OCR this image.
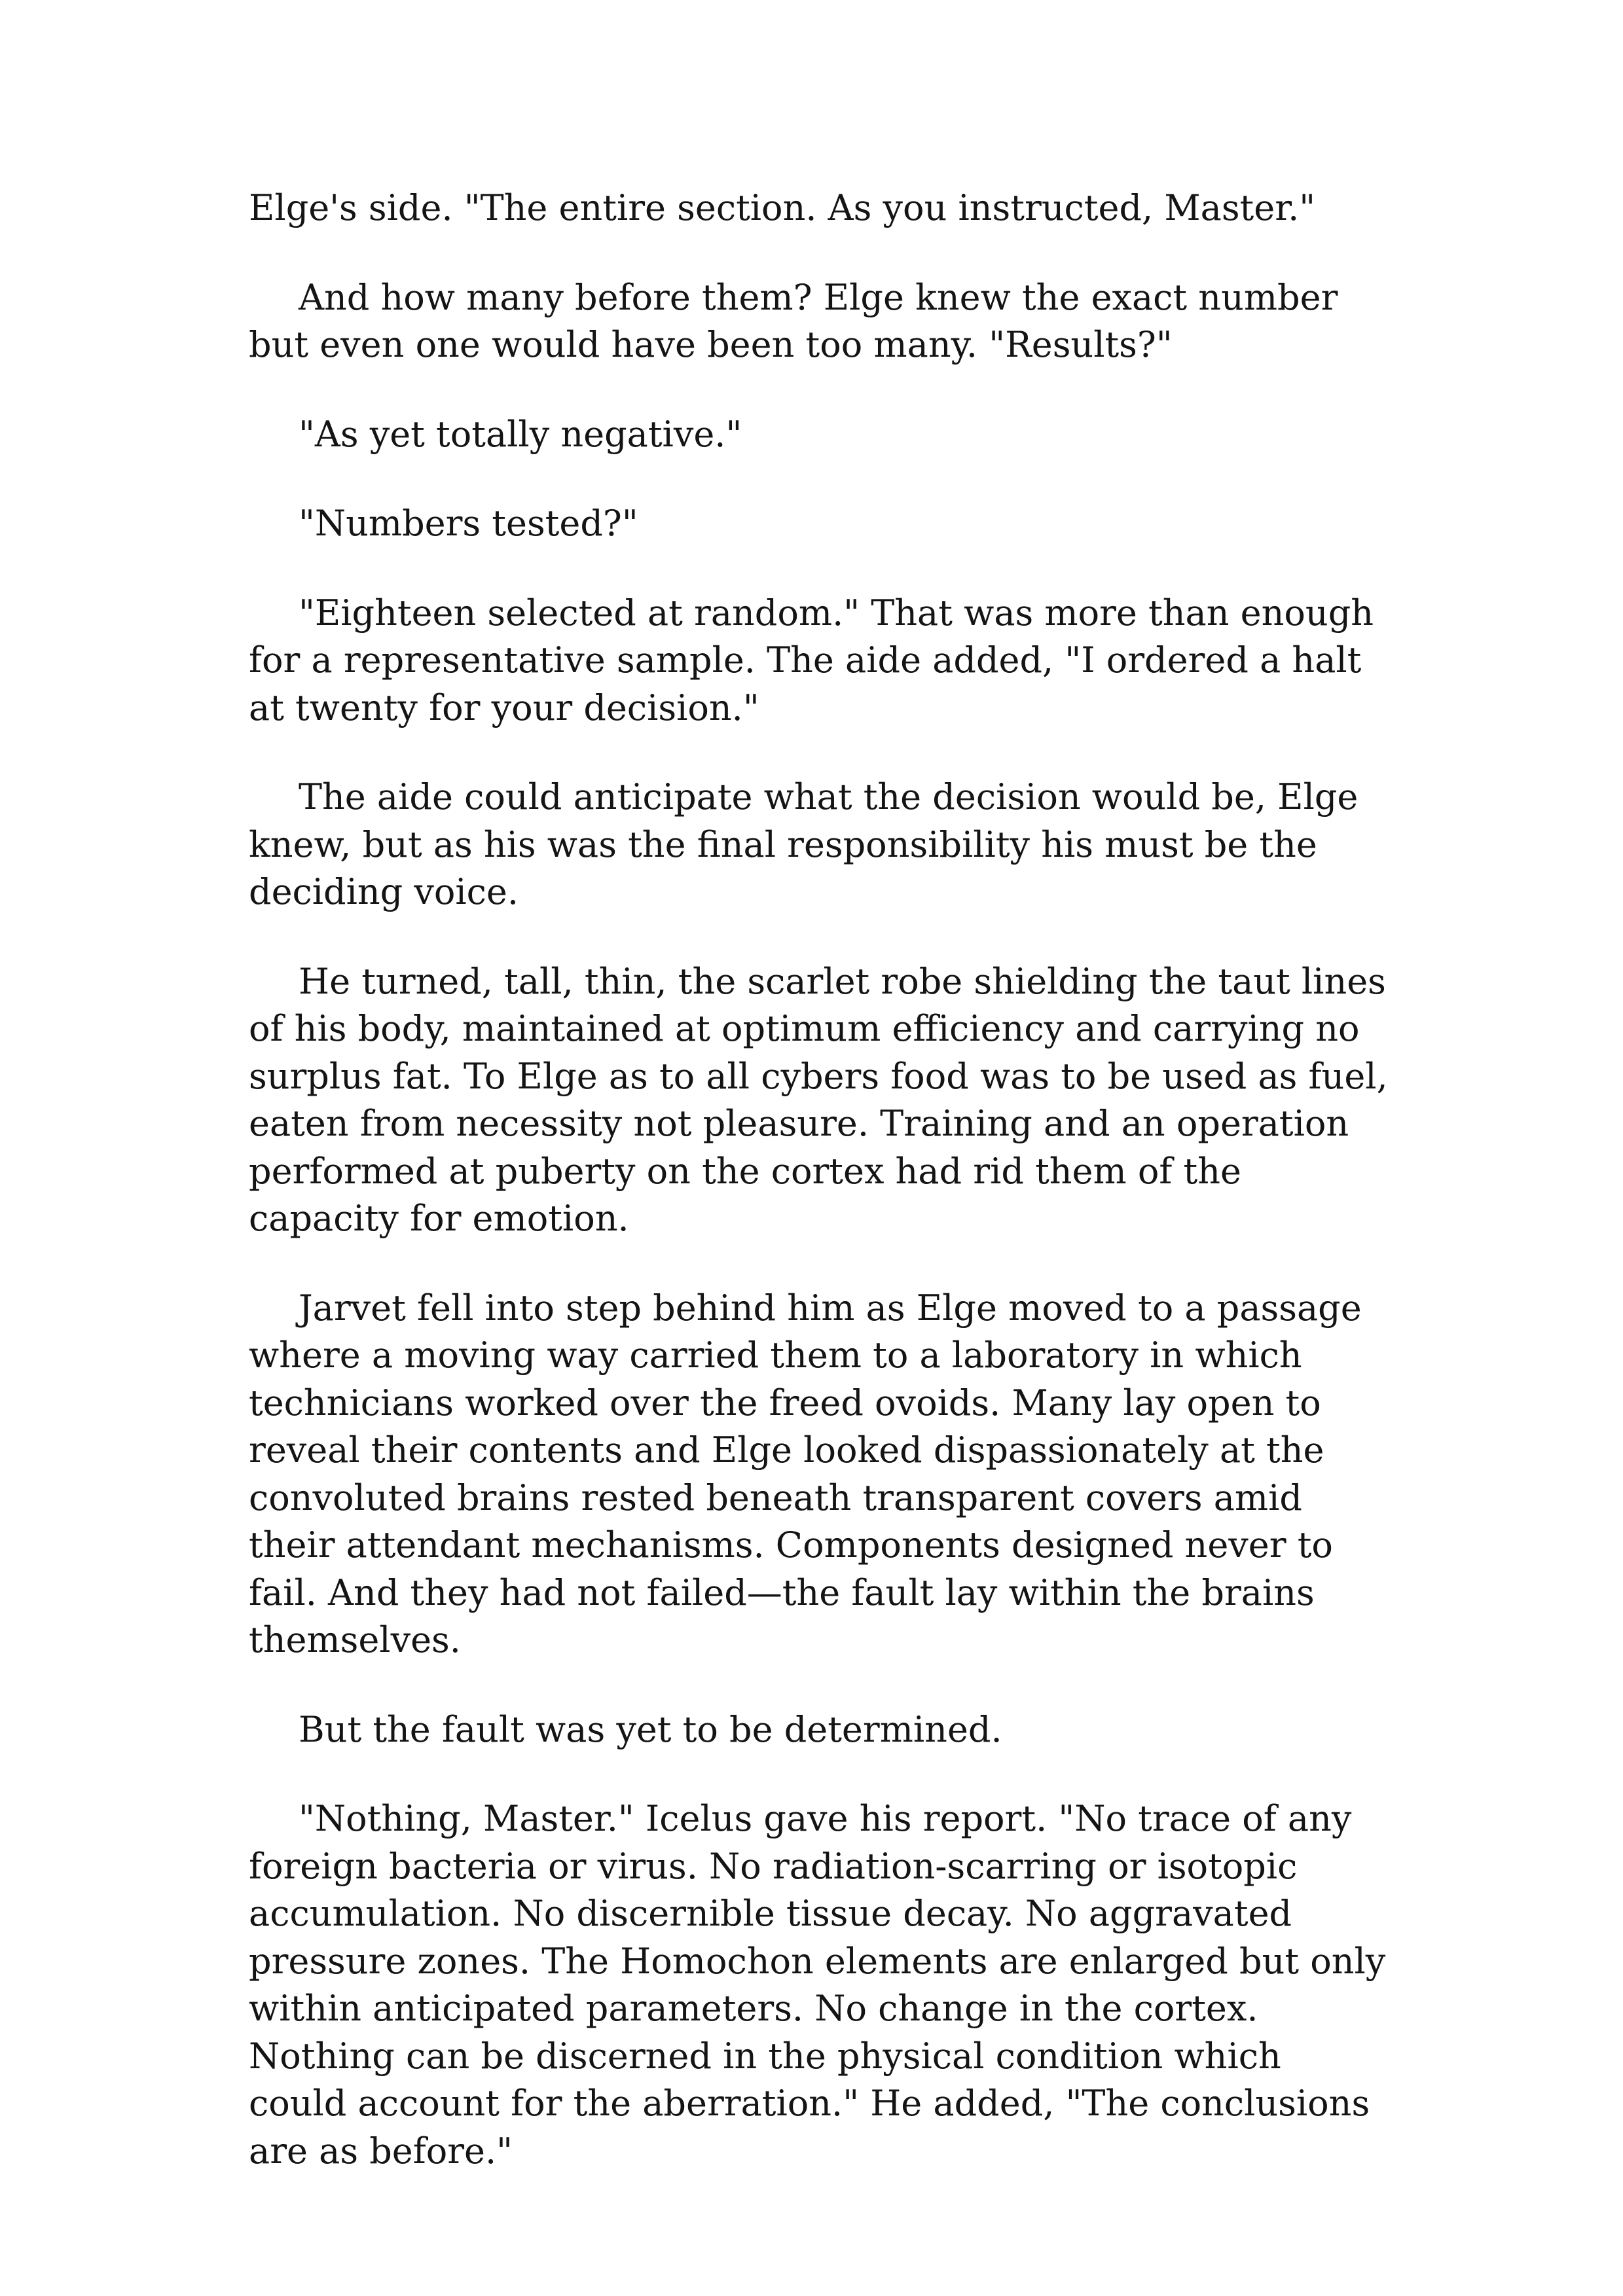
Elge's side. "The entire section. As you instructed, Master."

And how many before them? Elge knew the exact number but even one would have been too many. "Results?"

"As yet totally negative."

"Numbers tested?"

"Eighteen selected at random." That was more than enough for a representative sample. The aide added, "I ordered a halt at twenty for your decision."

The aide could anticipate what the decision would be, Elge knew, but as his was the final responsibility his must be the deciding voice.

He turned, tall, thin, the scarlet robe shielding the taut lines of his body, maintained at optimum efficiency and carrying no surplus fat. To Elge as to all cybers food was to be used as fuel, eaten from necessity not pleasure. Training and an operation performed at puberty on the cortex had rid them of the capacity for emotion.

Jarvet fell into step behind him as Elge moved to a passage where a moving way carried them to a laboratory in which technicians worked over the freed ovoids. Many lay open to reveal their contents and Elge looked dispassionately at the convoluted brains rested beneath transparent covers amid their attendant mechanisms. Components designed never to fail. And they had not failed—the fault lay within the brains themselves.

But the fault was yet to be determined.

"Nothing, Master." Icelus gave his report. "No trace of any foreign bacteria or virus. No radiation-scarring or isotopic accumulation. No discernible tissue decay. No aggravated pressure zones. The Homochon elements are enlarged but only within anticipated parameters. No change in the cortex. Nothing can be discerned in the physical condition which could account for the aberration." He added, "The conclusions are as before."
